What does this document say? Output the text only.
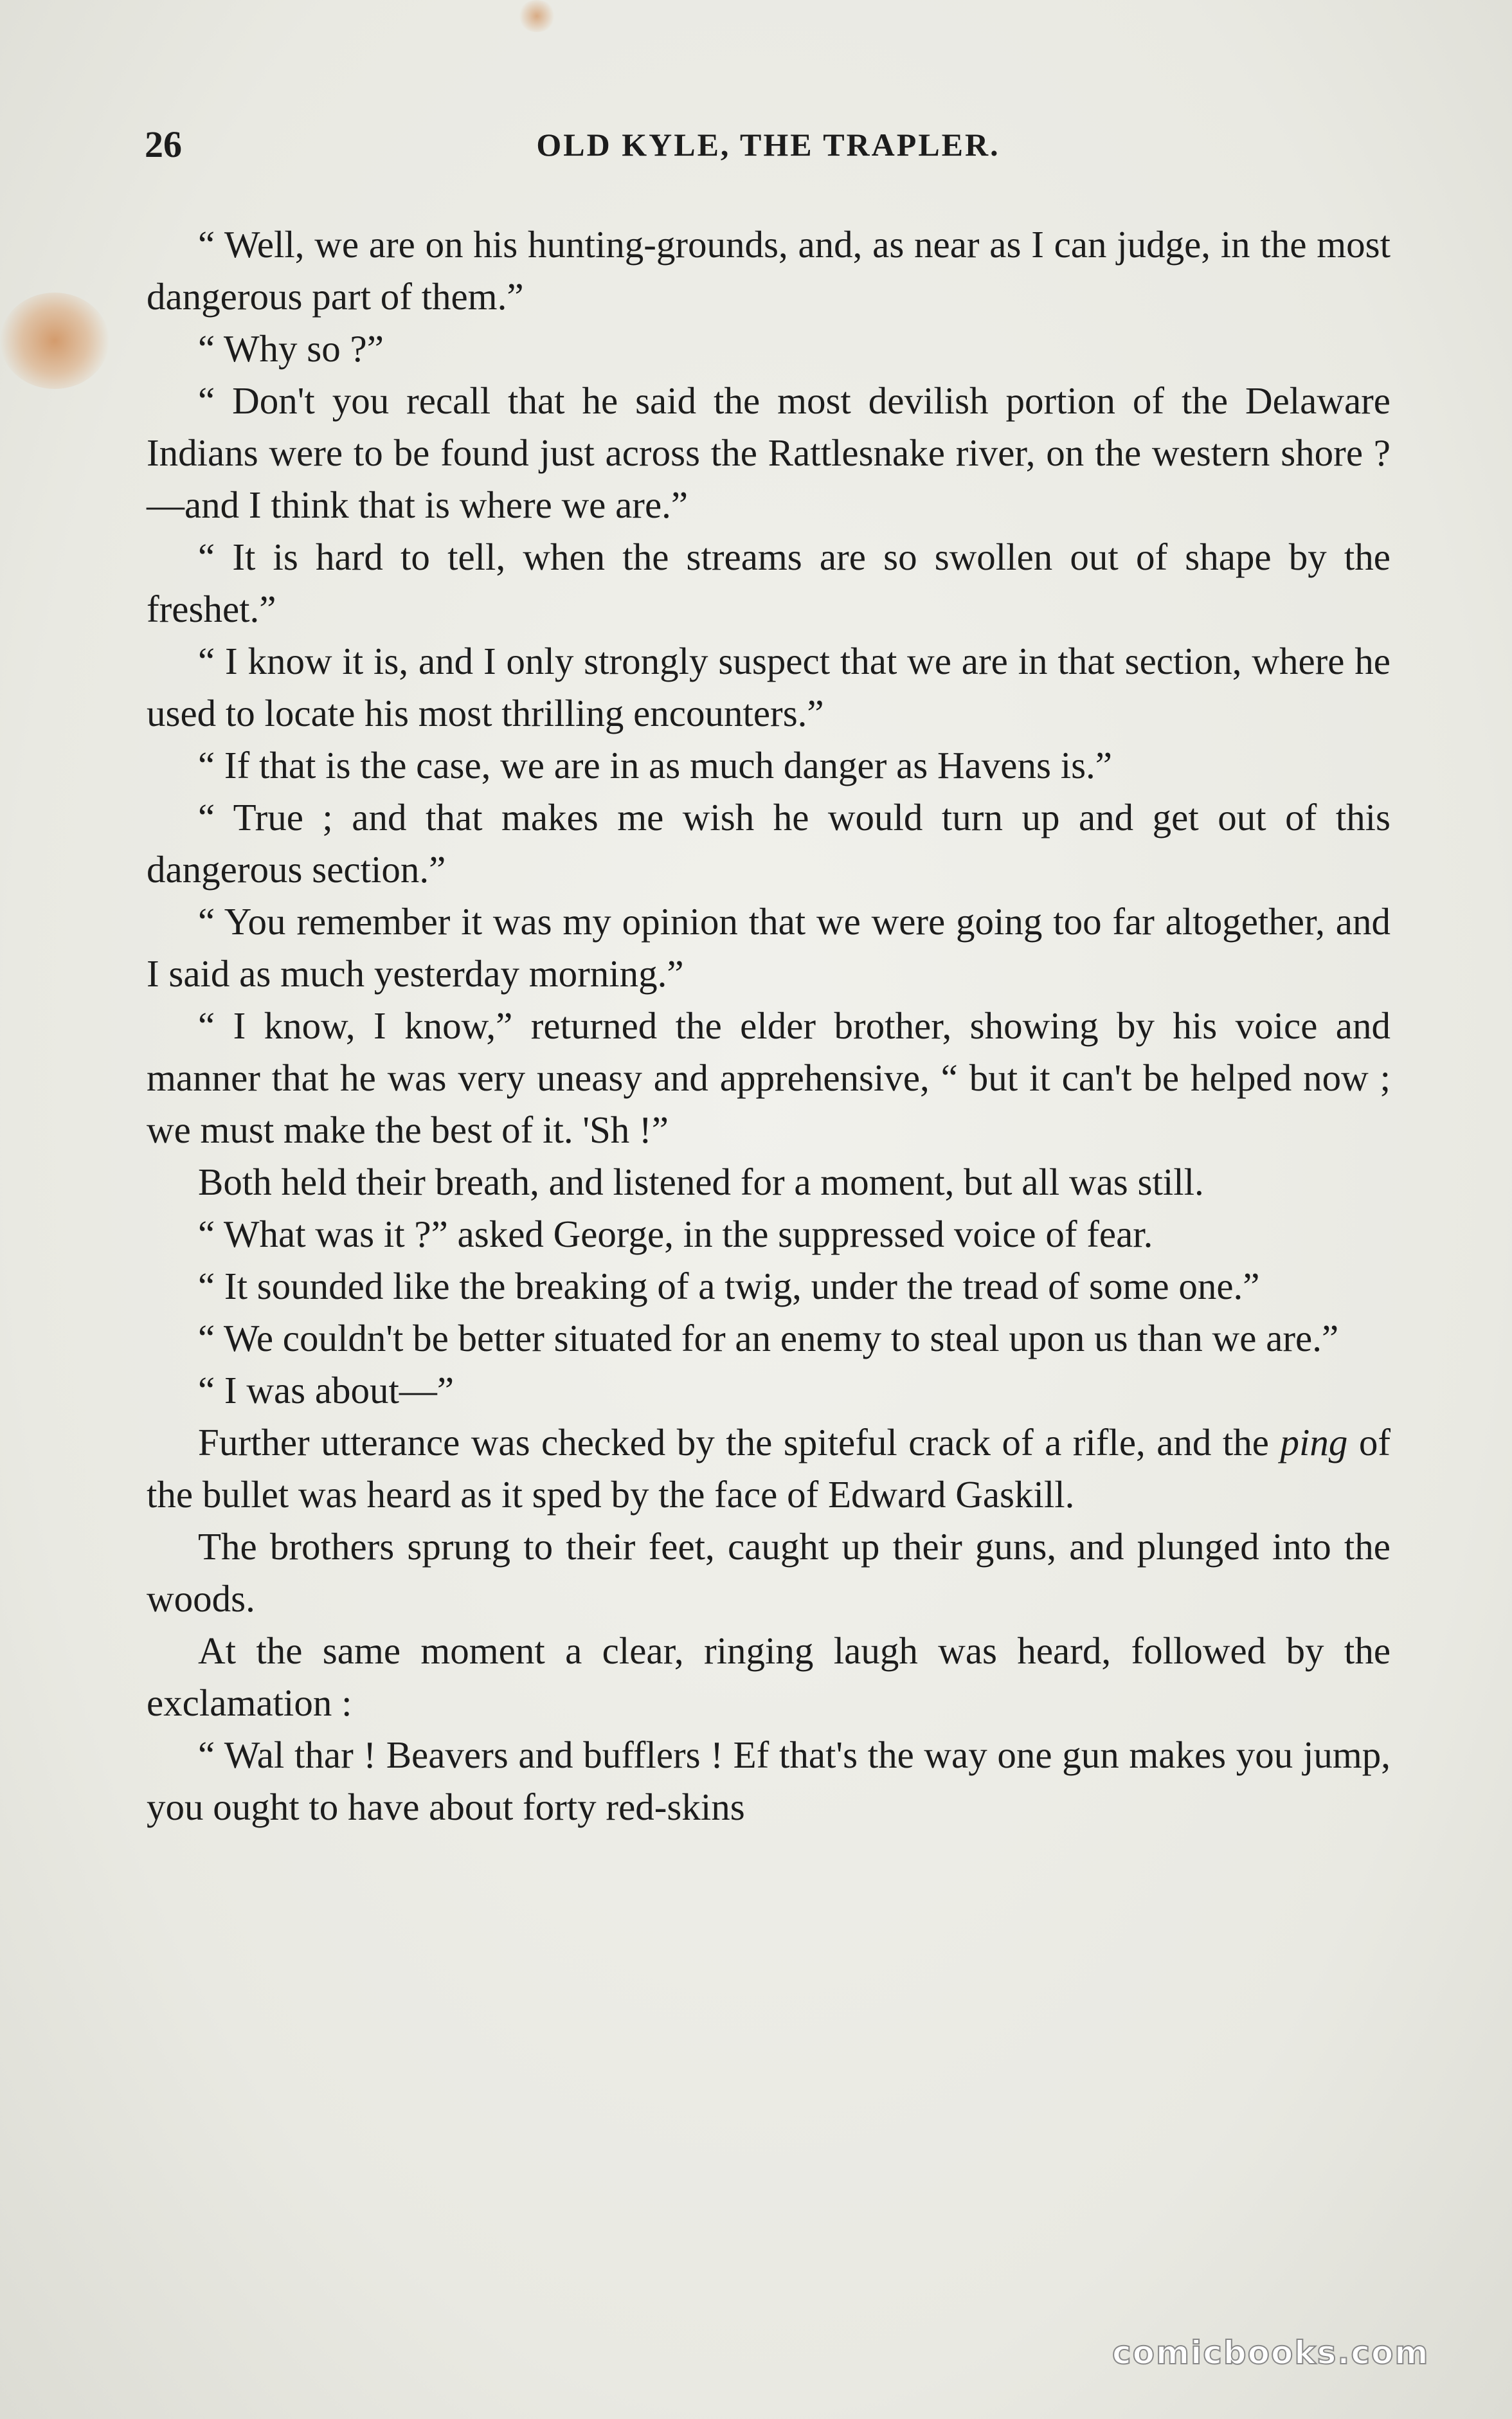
26	OLD KYLE, THE TRAPLER.

“ Well, we are on his hunting-grounds, and, as near as I can judge, in the most dangerous part of them.”

“ Why so ?”

“ Don't you recall that he said the most devilish portion of the Delaware Indians were to be found just across the Rattlesnake river, on the western shore ?—and I think that is where we are.”

“ It is hard to tell, when the streams are so swollen out of shape by the freshet.”

“ I know it is, and I only strongly suspect that we are in that section, where he used to locate his most thrilling encounters.”

“ If that is the case, we are in as much danger as Havens is.”

“ True ; and that makes me wish he would turn up and get out of this dangerous section.”

“ You remember it was my opinion that we were going too far altogether, and I said as much yesterday morning.”

“ I know, I know,” returned the elder brother, showing by his voice and manner that he was very uneasy and apprehensive, “ but it can't be helped now ; we must make the best of it. 'Sh !”

Both held their breath, and listened for a moment, but all was still.

“ What was it ?” asked George, in the suppressed voice of fear.

“ It sounded like the breaking of a twig, under the tread of some one.”

“ We couldn't be better situated for an enemy to steal upon us than we are.”

“ I was about—”

Further utterance was checked by the spiteful crack of a rifle, and the ping of the bullet was heard as it sped by the face of Edward Gaskill.

The brothers sprung to their feet, caught up their guns, and plunged into the woods.

At the same moment a clear, ringing laugh was heard, followed by the exclamation :

“ Wal thar ! Beavers and bufflers ! Ef that's the way one gun makes you jump, you ought to have about forty red-skins

comicbooks.com
